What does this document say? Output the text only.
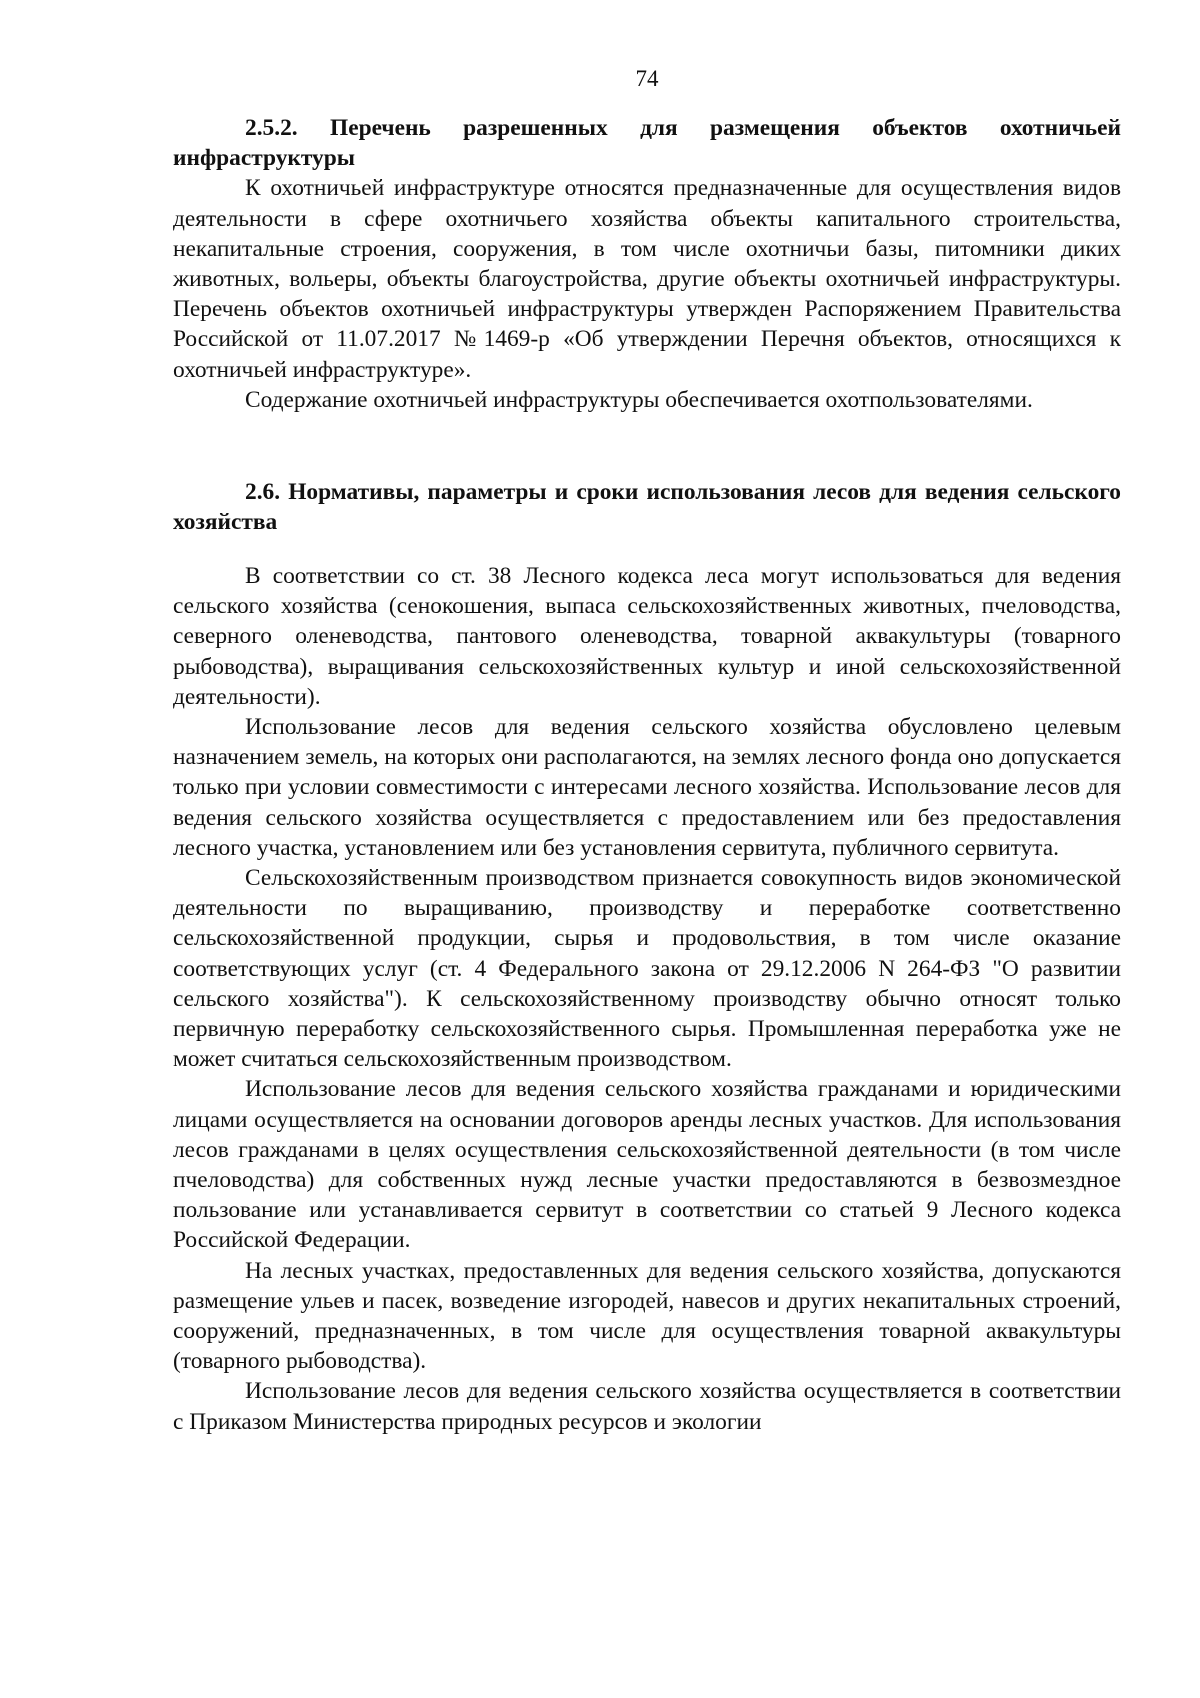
74
2.5.2. Перечень разрешенных для размещения объектов охотничьей инфраструктуры

К охотничьей инфраструктуре относятся предназначенные для осуществления видов деятельности в сфере охотничьего хозяйства объекты капитального строительства, некапитальные строения, сооружения, в том числе охотничьи базы, питомники диких животных, вольеры, объекты благоустройства, другие объекты охотничьей инфраструктуры. Перечень объектов охотничьей инфраструктуры утвержден Распоряжением Правительства Российской от 11.07.2017 №1469-р «Об утверждении Перечня объектов, относящихся к охотничьей инфраструктуре».

Содержание охотничьей инфраструктуры обеспечивается охотпользователями.

2.6. Нормативы, параметры и сроки использования лесов для ведения сельского хозяйства

В соответствии со ст. 38 Лесного кодекса леса могут использоваться для ведения сельского хозяйства (сенокошения, выпаса сельскохозяйственных животных, пчеловодства, северного оленеводства, пантового оленеводства, товарной аквакультуры (товарного рыбоводства), выращивания сельскохозяйственных культур и иной сельскохозяйственной деятельности).

Использование лесов для ведения сельского хозяйства обусловлено целевым назначением земель, на которых они располагаются, на землях лесного фонда оно допускается только при условии совместимости с интересами лесного хозяйства. Использование лесов для ведения сельского хозяйства осуществляется с предоставлением или без предоставления лесного участка, установлением или без установления сервитута, публичного сервитута.

Сельскохозяйственным производством признается совокупность видов экономической деятельности по выращиванию, производству и переработке соответственно сельскохозяйственной продукции, сырья и продовольствия, в том числе оказание соответствующих услуг (ст. 4 Федерального закона от 29.12.2006 N 264-ФЗ "О развитии сельского хозяйства"). К сельскохозяйственному производству обычно относят только первичную переработку сельскохозяйственного сырья. Промышленная переработка уже не может считаться сельскохозяйственным производством.

Использование лесов для ведения сельского хозяйства гражданами и юридическими лицами осуществляется на основании договоров аренды лесных участков. Для использования лесов гражданами в целях осуществления сельскохозяйственной деятельности (в том числе пчеловодства) для собственных нужд лесные участки предоставляются в безвозмездное пользование или устанавливается сервитут в соответствии со статьей 9 Лесного кодекса Российской Федерации.

На лесных участках, предоставленных для ведения сельского хозяйства, допускаются размещение ульев и пасек, возведение изгородей, навесов и других некапитальных строений, сооружений, предназначенных, в том числе для осуществления товарной аквакультуры (товарного рыбоводства).

Использование лесов для ведения сельского хозяйства осуществляется в соответствии с Приказом Министерства природных ресурсов и экологии
